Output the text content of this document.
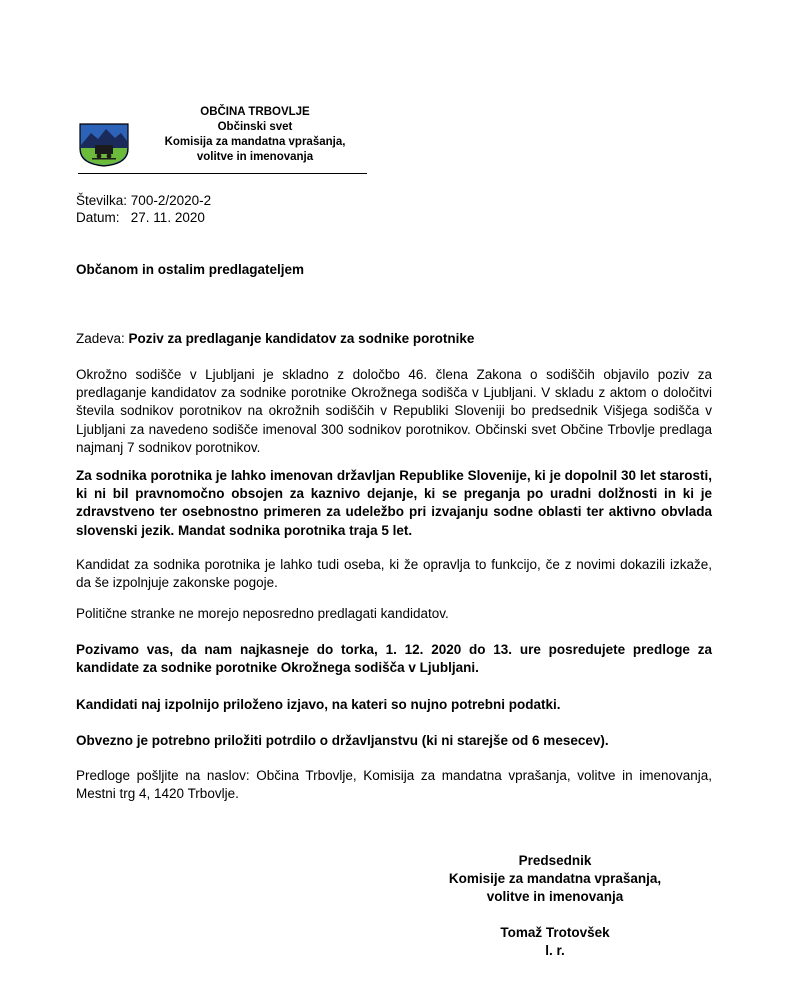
OBČINA TRBOVLJE
Občinski svet
Komisija za mandatna vprašanja,
volitve in imenovanja
Številka: 700-2/2020-2
Datum: 27. 11. 2020
Občanom in ostalim predlagateljem
Zadeva: Poziv za predlaganje kandidatov za sodnike porotnike
Okrožno sodišče v Ljubljani je skladno z določbo 46. člena Zakona o sodiščih objavilo poziv za predlaganje kandidatov za sodnike porotnike Okrožnega sodišča v Ljubljani. V skladu z aktom o določitvi števila sodnikov porotnikov na okrožnih sodiščih v Republiki Sloveniji bo predsednik Višjega sodišča v Ljubljani za navedeno sodišče imenoval 300 sodnikov porotnikov. Občinski svet Občine Trbovlje predlaga najmanj 7 sodnikov porotnikov.
Za sodnika porotnika je lahko imenovan državljan Republike Slovenije, ki je dopolnil 30 let starosti, ki ni bil pravnomočno obsojen za kaznivo dejanje, ki se preganja po uradni dolžnosti in ki je zdravstveno ter osebnostno primeren za udeležbo pri izvajanju sodne oblasti ter aktivno obvlada slovenski jezik. Mandat sodnika porotnika traja 5 let.
Kandidat za sodnika porotnika je lahko tudi oseba, ki že opravlja to funkcijo, če z novimi dokazili izkaže, da še izpolnjuje zakonske pogoje.
Politične stranke ne morejo neposredno predlagati kandidatov.
Pozivamo vas, da nam najkasneje do torka, 1. 12. 2020 do 13. ure posredujete predloge za kandidate za sodnike porotnike Okrožnega sodišča v Ljubljani.
Kandidati naj izpolnijo priloženo izjavo, na kateri so nujno potrebni podatki.
Obvezno je potrebno priložiti potrdilo o državljanstvu (ki ni starejše od 6 mesecev).
Predloge pošljite na naslov: Občina Trbovlje, Komisija za mandatna vprašanja, volitve in imenovanja, Mestni trg 4, 1420 Trbovlje.
Predsednik
Komisije za mandatna vprašanja,
volitve in imenovanja
Tomaž Trotovšek
l. r.
